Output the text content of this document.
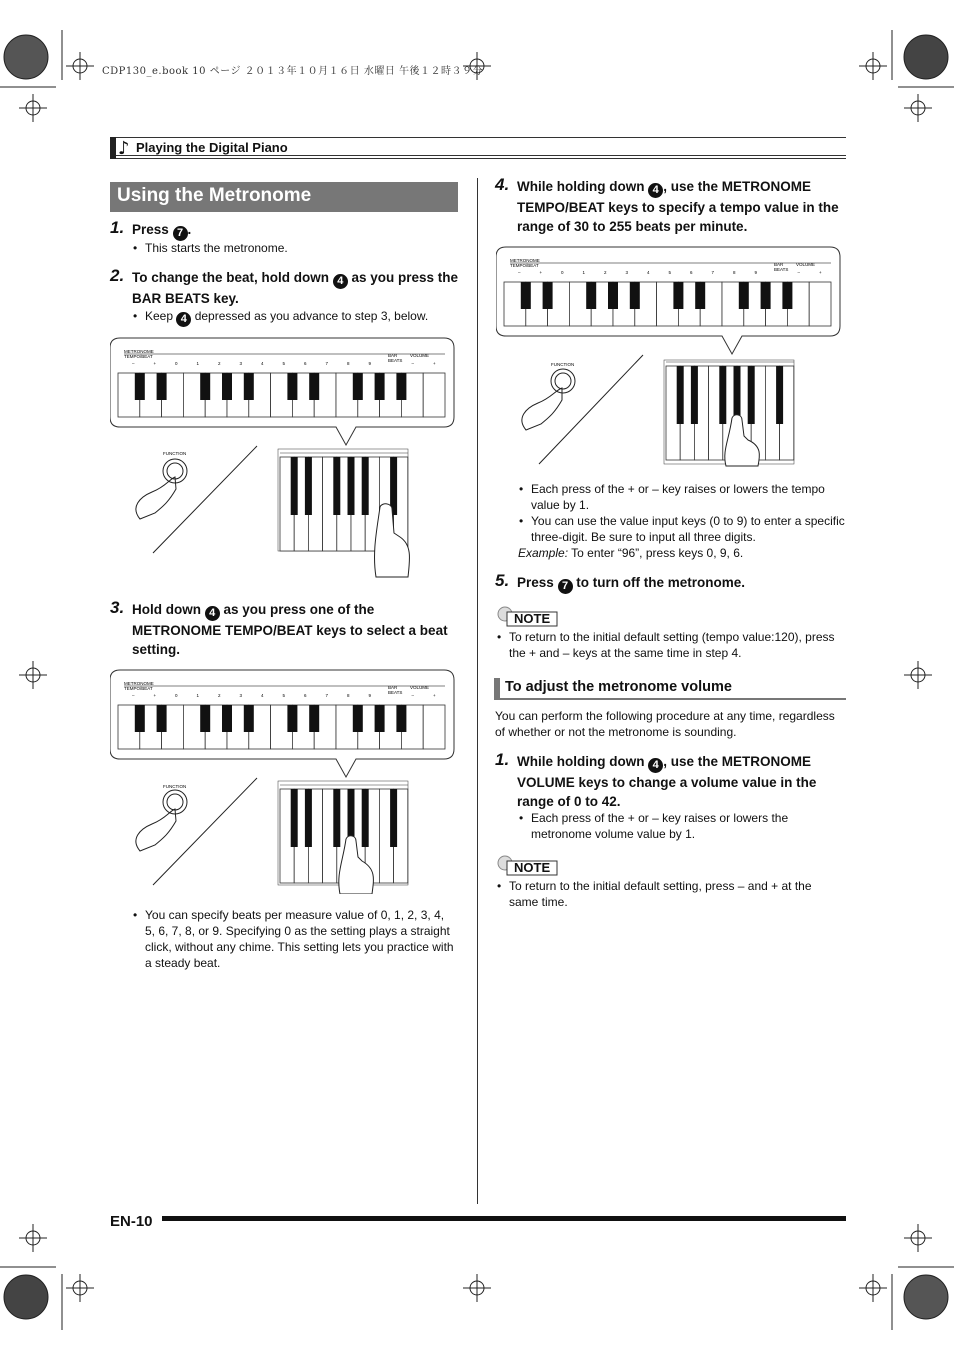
CDP130_e.book 10 ページ ２０１３年１０月１６日 水曜日 午後１２時３９分
♪ Playing the Digital Piano
Using the Metronome
1. Press 7 .
• This starts the metronome.
2. To change the beat, hold down 4 as you press the BAR BEATS key.
• Keep 4 depressed as you advance to step 3, below.
METRONOME
TEMPO/BEAT	BAR
BEATS
VOLUME
–	+	0	1	2	3	4	5	6	7	8	9	–	+
FUNCTION
3. Hold down 4 as you press one of the METRONOME TEMPO/BEAT keys to select a beat setting.
METRONOME
TEMPO/BEAT	BAR
BEATS
VOLUME
–	+	0	1	2	3	4	5	6	7	8	9	–	+
FUNCTION
• You can specify beats per measure value of 0, 1, 2, 3, 4, 5, 6, 7, 8, or 9. Specifying 0 as the setting plays a straight click, without any chime. This setting lets you practice with a steady beat.
4. While holding down 4 , use the METRONOME TEMPO/BEAT keys to specify a tempo value in the range of 30 to 255 beats per minute.
METRONOME
TEMPO/BEAT	BAR
BEATS
VOLUME
–	+	0	1	2	3	4	5	6	7	8	9	–	+
FUNCTION
• Each press of the + or – key raises or lowers the tempo value by 1.
• You can use the value input keys (0 to 9) to enter a specific three-digit. Be sure to input all three digits.
Example: To enter “96”, press keys 0, 9, 6.
5. Press 7 to turn off the metronome.
NOTE
• To return to the initial default setting (tempo value:120), press the + and – keys at the same time in step 4.
To adjust the metronome volume
You can perform the following procedure at any time, regardless of whether or not the metronome is sounding.
1. While holding down 4 , use the METRONOME VOLUME keys to change a volume value in the range of 0 to 42.
• Each press of the + or – key raises or lowers the metronome volume value by 1.
NOTE
• To return to the initial default setting, press – and + at the same time.
EN-10
